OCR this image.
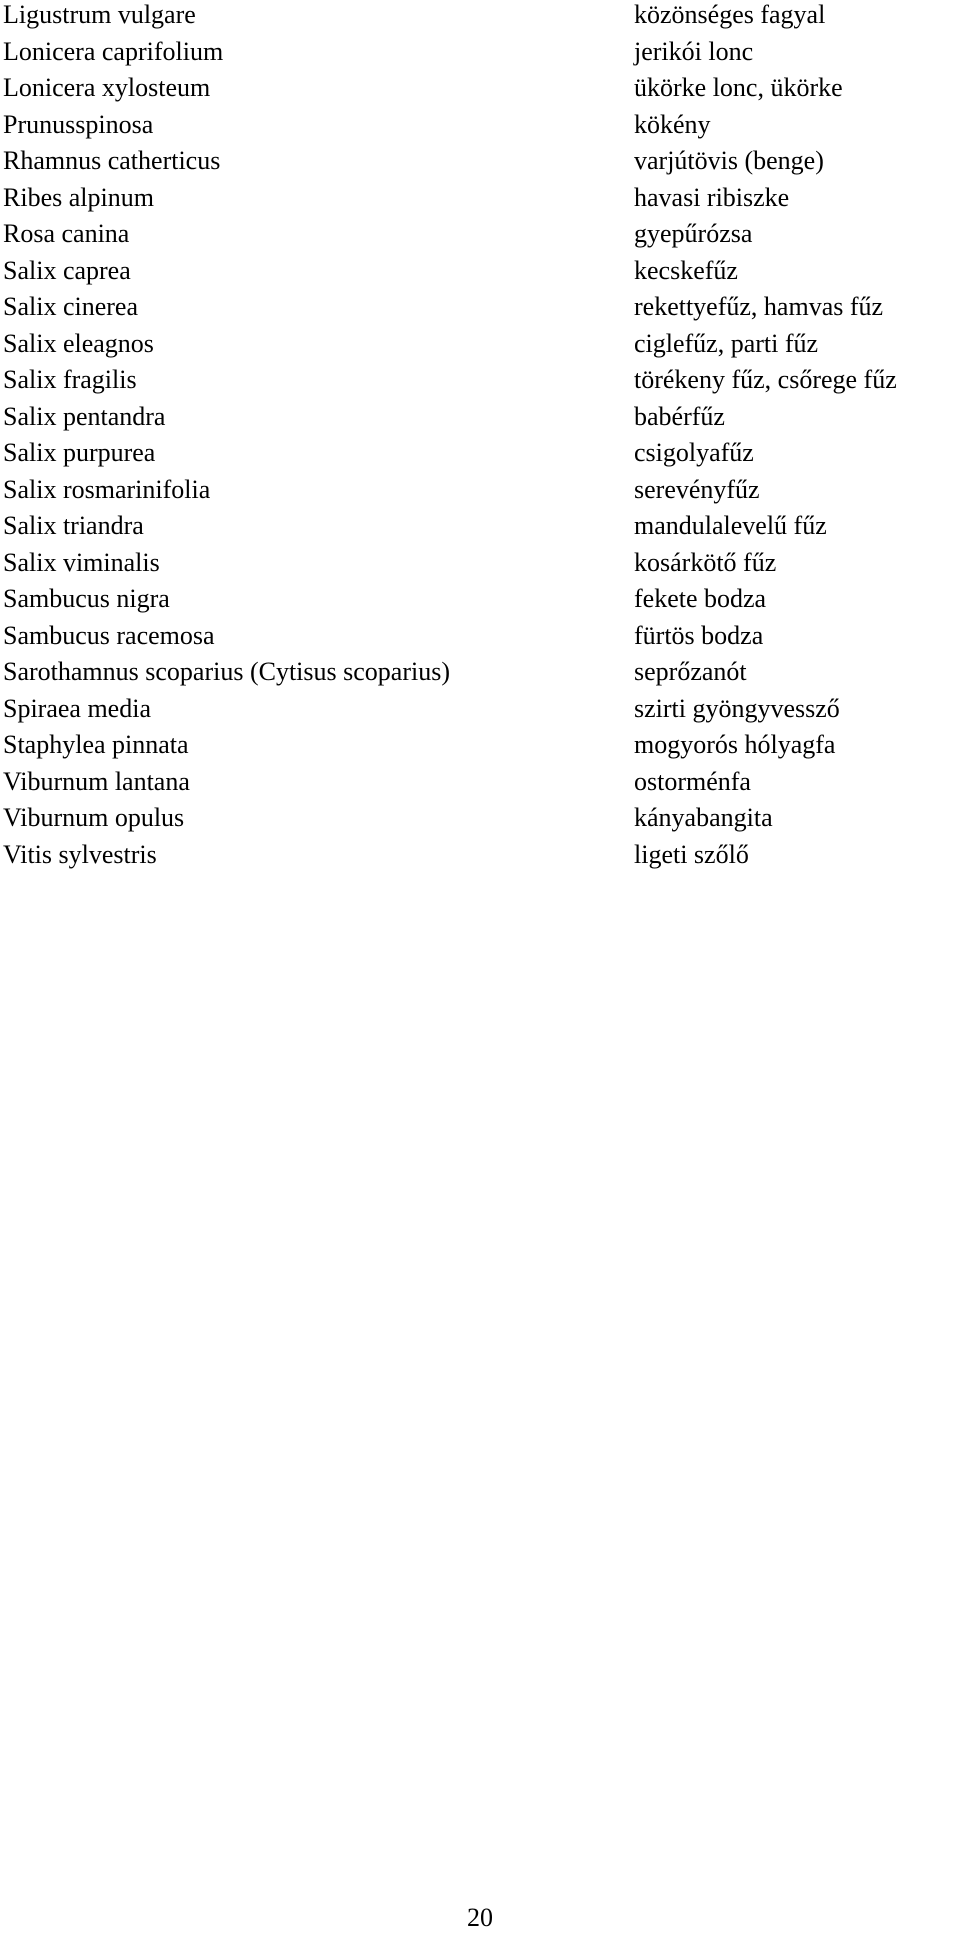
Ligustrum vulgare	közönséges fagyal
Lonicera caprifolium	jerikói lonc
Lonicera xylosteum	ükörke lonc, ükörke
Prunusspinosa	kökény
Rhamnus catherticus	varjútövis (benge)
Ribes alpinum	havasi ribiszke
Rosa canina	gyepűrózsa
Salix caprea	kecskefűz
Salix cinerea	rekettyefűz, hamvas fűz
Salix eleagnos	ciglefűz, parti fűz
Salix fragilis	törékeny fűz, csőrege fűz
Salix pentandra	babérfűz
Salix purpurea	csigolyafűz
Salix rosmarinifolia	serevényfűz
Salix triandra	mandulalevelű fűz
Salix viminalis	kosárkötő fűz
Sambucus nigra	fekete bodza
Sambucus racemosa	fürtös bodza
Sarothamnus scoparius (Cytisus scoparius)	seprőzanót
Spiraea media	szirti gyöngyvessző
Staphylea pinnata	mogyorós hólyagfa
Viburnum lantana	ostorménfa
Viburnum opulus	kányabangita
Vitis sylvestris	ligeti szőlő
20
